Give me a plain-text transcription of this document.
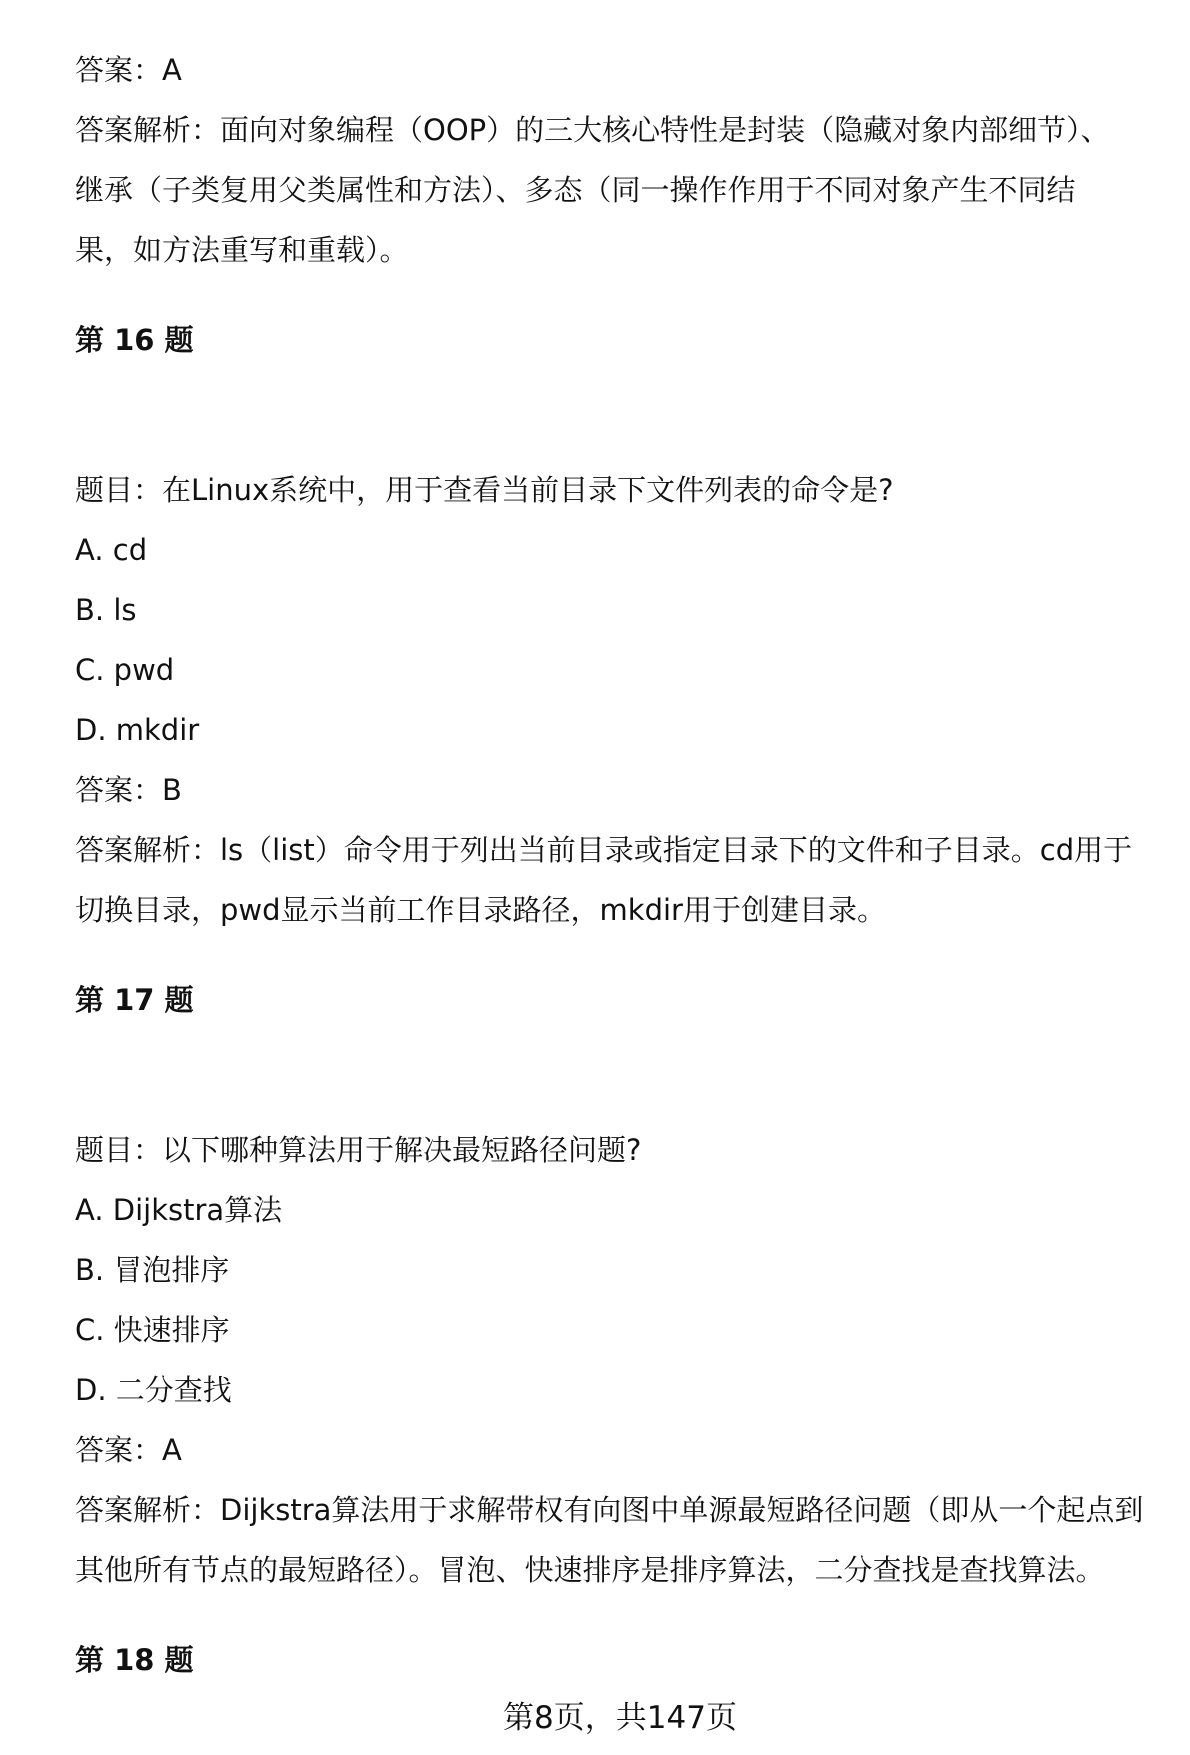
答案：A
答案解析：面向对象编程（OOP）的三大核心特性是封装（隐藏对象内部细节）、
继承（子类复用父类属性和方法）、多态（同一操作作用于不同对象产生不同结
果，如方法重写和重载）。
第 16 题
题目：在Linux系统中，用于查看当前目录下文件列表的命令是?
A. cd
B. ls
C. pwd
D. mkdir
答案：B
答案解析：ls（list）命令用于列出当前目录或指定目录下的文件和子目录。cd用于
切换目录，pwd显示当前工作目录路径，mkdir用于创建目录。
第 17 题
题目：以下哪种算法用于解决最短路径问题?
A. Dijkstra算法
B. 冒泡排序
C. 快速排序
D. 二分查找
答案：A
答案解析：Dijkstra算法用于求解带权有向图中单源最短路径问题（即从一个起点到
其他所有节点的最短路径）。冒泡、快速排序是排序算法，二分查找是查找算法。
第 18 题
第8页，共147页
